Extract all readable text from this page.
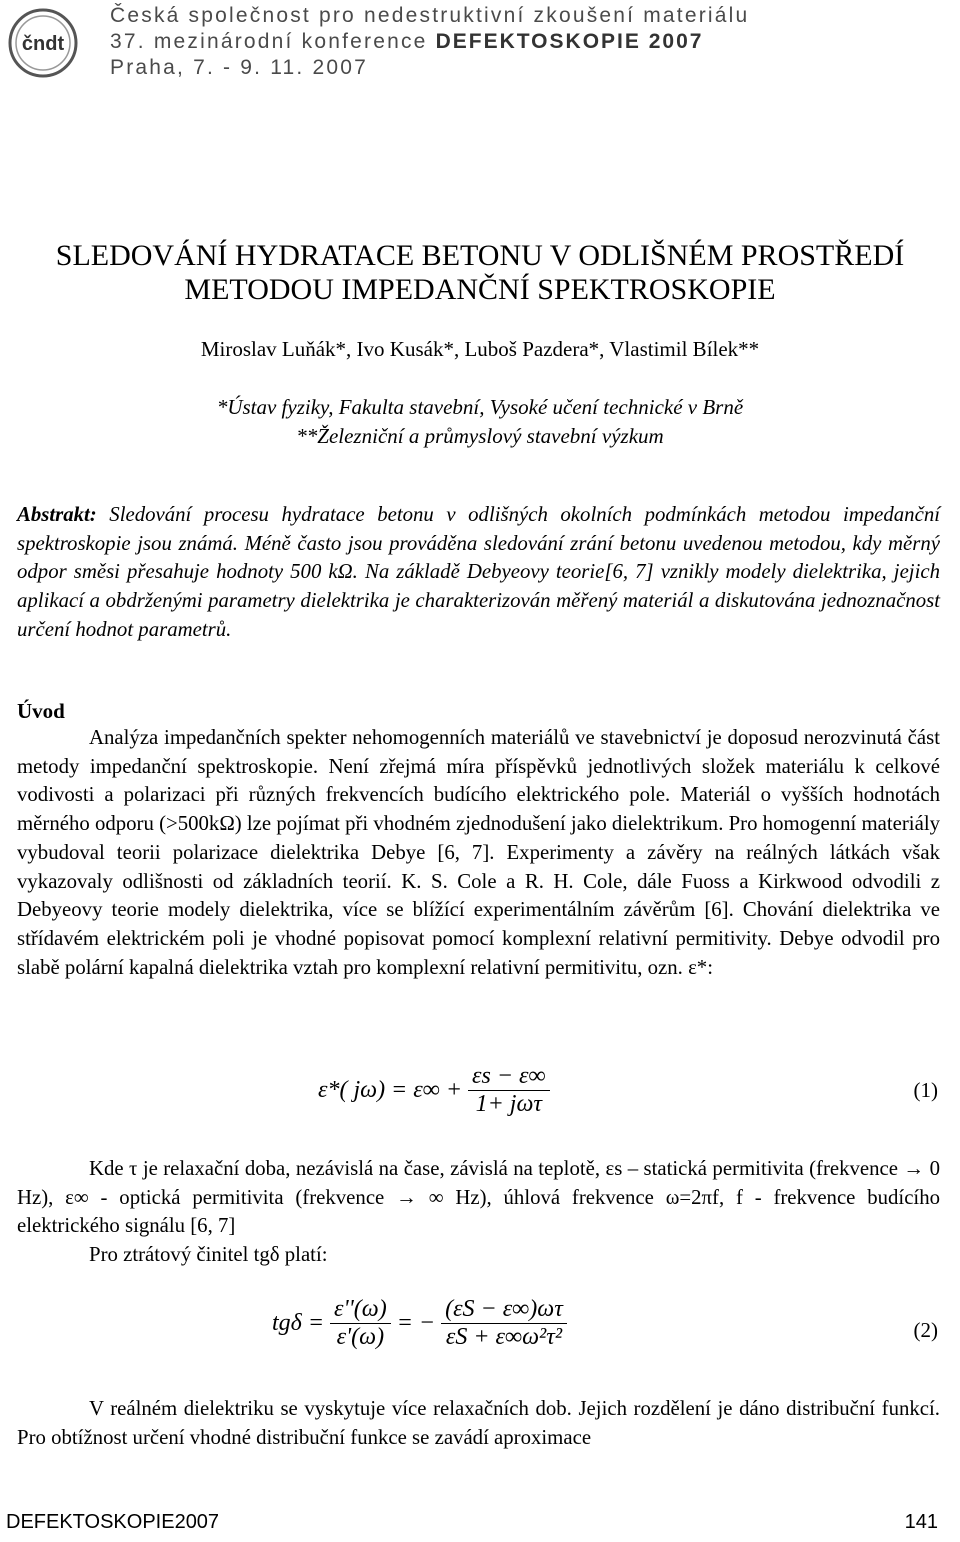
čndt
Česká společnost pro nedestruktivní zkoušení materiálu
37. mezinárodní konference DEFEKTOSKOPIE 2007
Praha, 7. - 9. 11. 2007
SLEDOVÁNÍ HYDRATACE BETONU V ODLIŠNÉM PROSTŘEDÍ
METODOU IMPEDANČNÍ SPEKTROSKOPIE
Miroslav Luňák*, Ivo Kusák*, Luboš Pazdera*, Vlastimil Bílek**
*Ústav fyziky, Fakulta stavební, Vysoké učení technické v Brně
**Železniční a průmyslový stavební výzkum
Abstrakt: Sledování procesu hydratace betonu v odlišných okolních podmínkách metodou impedanční spektroskopie jsou známá. Méně často jsou prováděna sledování zrání betonu uvedenou metodou, kdy měrný odpor směsi přesahuje hodnoty 500 kΩ. Na základě Debyeovy teorie[6, 7] vznikly modely dielektrika, jejich aplikací a obdrženými parametry dielektrika je charakterizován měřený materiál a diskutována jednoznačnost určení hodnot parametrů.
Úvod
Analýza impedančních spekter nehomogenních materiálů ve stavebnictví je doposud nerozvinutá část metody impedanční spektroskopie. Není zřejmá míra příspěvků jednotlivých složek materiálu k celkové vodivosti a polarizaci při různých frekvencích budícího elektrického pole. Materiál o vyšších hodnotách měrného odporu (>500kΩ) lze pojímat při vhodném zjednodušení jako dielektrikum. Pro homogenní materiály vybudoval teorii polarizace dielektrika Debye [6, 7]. Experimenty a závěry na reálných látkách však vykazovaly odlišnosti od základních teorií. K. S. Cole a R. H. Cole, dále Fuoss a Kirkwood odvodili z Debyeovy teorie modely dielektrika, více se blížící experimentálním závěrům [6]. Chování dielektrika ve střídavém elektrickém poli je vhodné popisovat pomocí komplexní relativní permitivity. Debye odvodil pro slabě polární kapalná dielektrika vztah pro komplexní relativní permitivitu, ozn. ε*:
ε*( $j\omega) = \varepsilon\infty + \frac{\varepsilon s - \varepsilon\infty}{\text{1+ jωτ}}$	(1)
Kde τ je relaxační doba, nezávislá na čase, závislá na teplotě, εs – statická permitivita (frekvence → 0 Hz), ε∞ - optická permitivita (frekvence → ∞ Hz), úhlová frekvence ω=2πf, f - frekvence budícího elektrického signálu [6, 7]
Pro ztrátový činitel tgδ platí:
$tg\delta = \frac{\varepsilon''(\omega)}{\varepsilon'(\omega)}$ = − $\frac{(\varepsilon S - \varepsilon\infty)\omega\tau}{\text{εS + ε∞ω²τ²}}$	(2)
V reálném dielektriku se vyskytuje více relaxačních dob. Jejich rozdělení je dáno distribuční funkcí. Pro obtížnost určení vhodné distribuční funkce se zavádí aproximace
DEFEKTOSKOPIE2007	141
